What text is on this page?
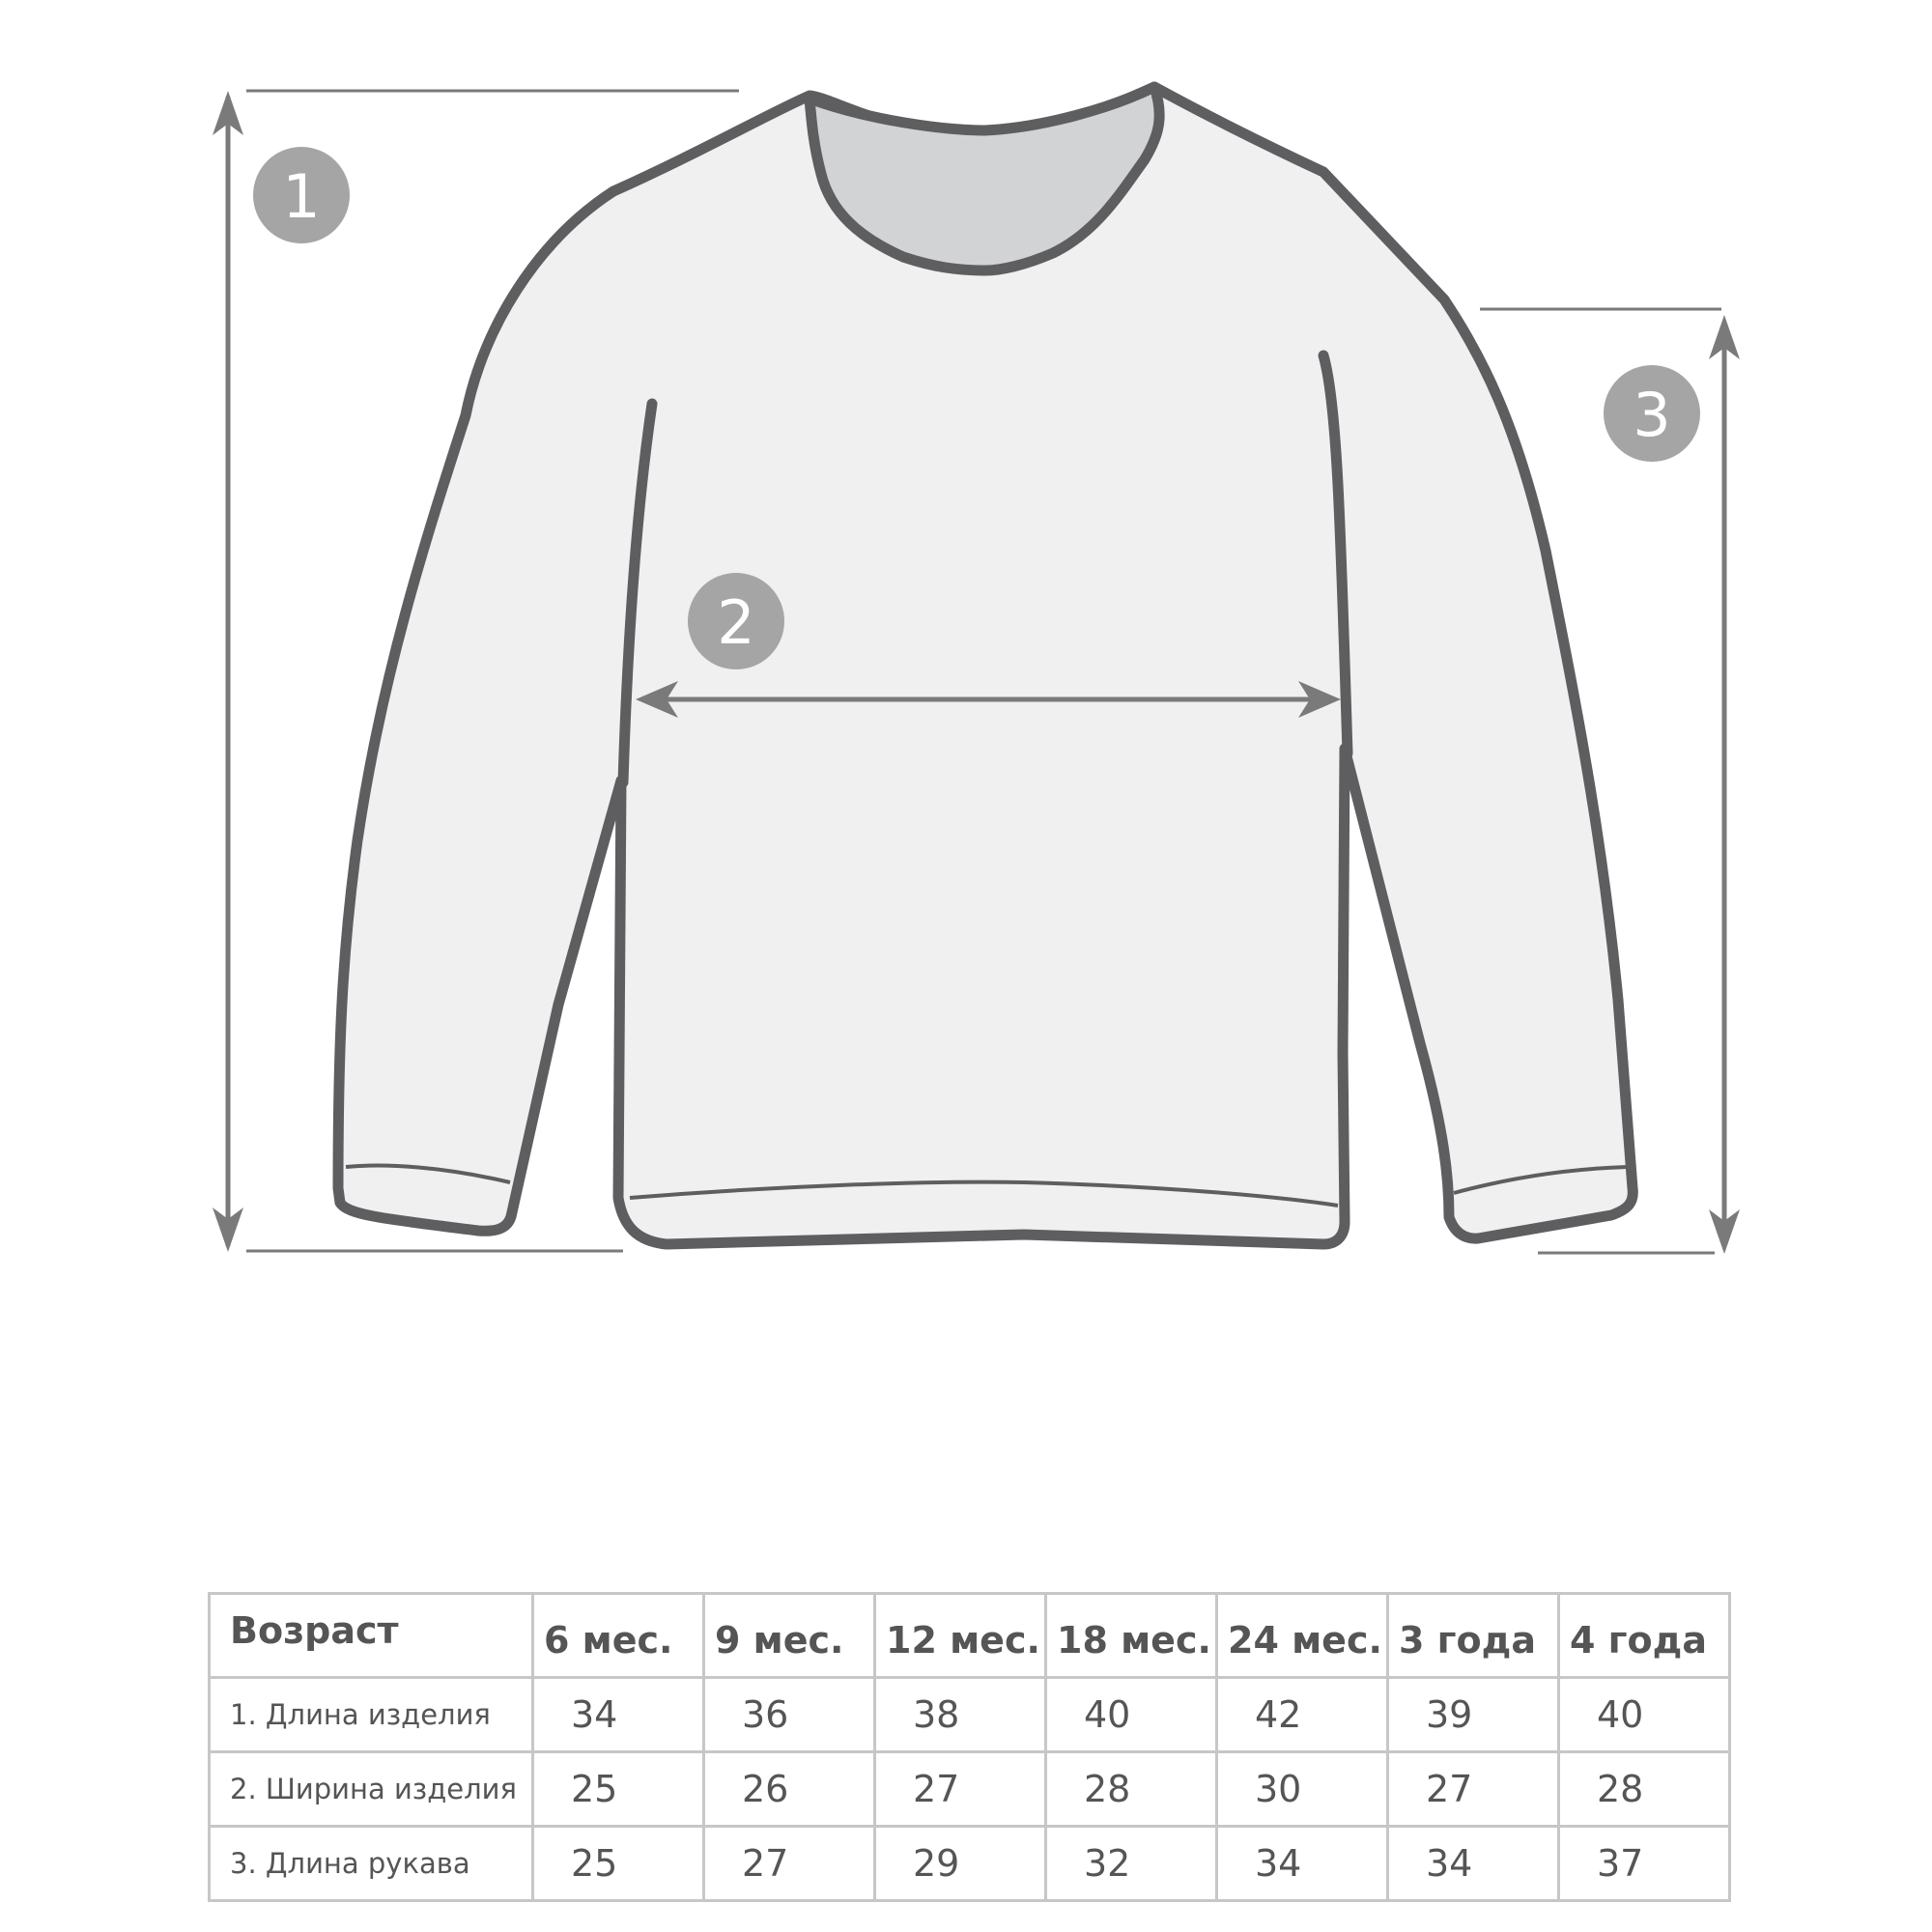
1
2
3
Возраст	6 мес.	9 мес.	12 мес.	18 мес.	24 мес.	3 года	4 года
1. Длина изделия	34	36	38	40	42	39	40
2. Ширина изделия	25	26	27	28	30	27	28
3. Длина рукава	25	27	29	32	34	34	37
